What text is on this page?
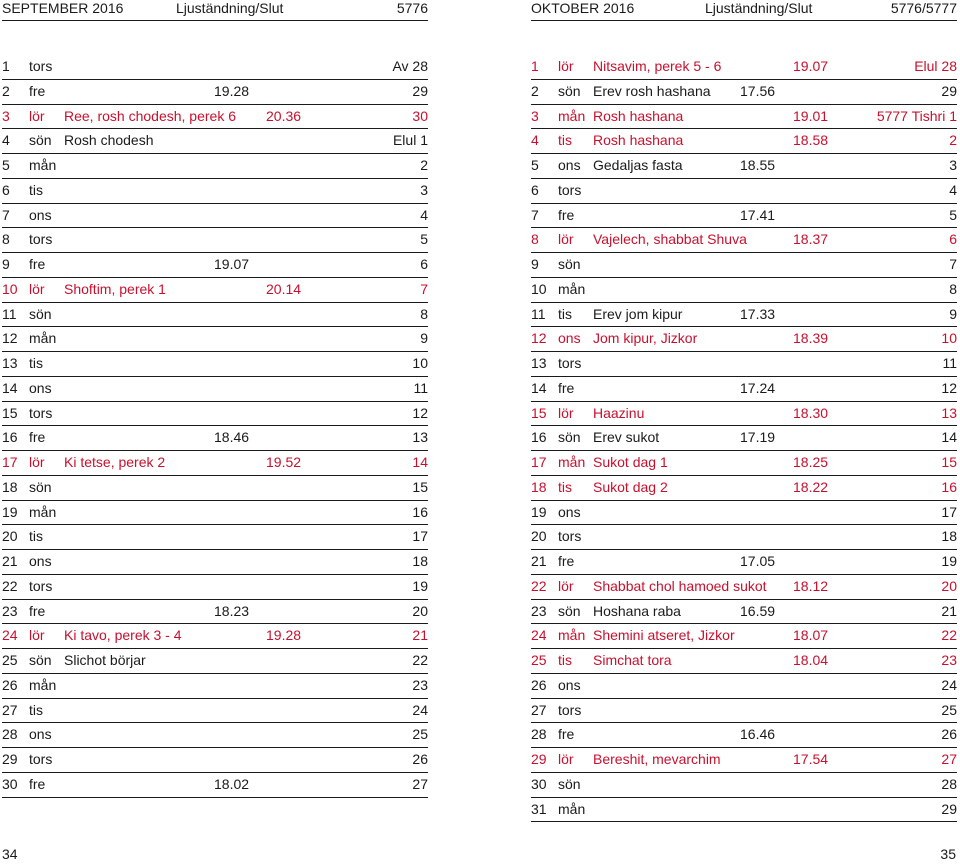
SEPTEMBER 2016	Ljuständning/Slut	5776
1 tors	Av 28
2 fre	19.28	29
3 lör Ree, rosh chodesh, perek 6 20.36	30
4 sön Rosh chodesh	Elul 1
5 mån	2
6 tis	3
7 ons	4
8 tors	5
9 fre	19.07	6
10 lör Shoftim, perek 1	20.14	7
11 sön	8
12 mån	9
13 tis	10
14 ons	11
15 tors	12
16 fre	18.46	13
17 lör Ki tetse, perek 2	19.52	14
18 sön	15
19 mån	16
20 tis	17
21 ons	18
22 tors	19
23 fre	18.23	20
24 lör Ki tavo, perek 3 - 4	19.28	21
25 sön Slichot börjar	22
26 mån	23
27 tis	24
28 ons	25
29 tors	26
30 fre	18.02	27
OKTOBER 2016	Ljuständning/Slut	5776/5777
1 lör Nitsavim, perek 5 - 6	19.07	Elul 28
2 sön Erev rosh hashana 17.56	29
3 mån Rosh hashana	19.01	5777 Tishri 1
4 tis Rosh hashana	18.58	2
5 ons Gedaljas fasta	18.55	3
6 tors	4
7 fre	17.41	5
8 lör Vajelech, shabbat Shuva	18.37	6
9 sön	7
10 mån	8
11 tis Erev jom kipur	17.33	9
12 ons Jom kipur, Jizkor	18.39	10
13 tors	11
14 fre	17.24	12
15 lör Haazinu	18.30	13
16 sön Erev sukot	17.19	14
17 mån Sukot dag 1	18.25	15
18 tis Sukot dag 2	18.22	16
19 ons	17
20 tors	18
21 fre	17.05	19
22 lör Shabbat chol hamoed sukot 18.12	20
23 sön Hoshana raba	16.59	21
24 mån Shemini atseret, Jizkor	18.07	22
25 tis Simchat tora	18.04	23
26 ons	24
27 tors	25
28 fre	16.46	26
29 lör Bereshit, mevarchim	17.54	27
30 sön	28
31 mån	29
34	35
